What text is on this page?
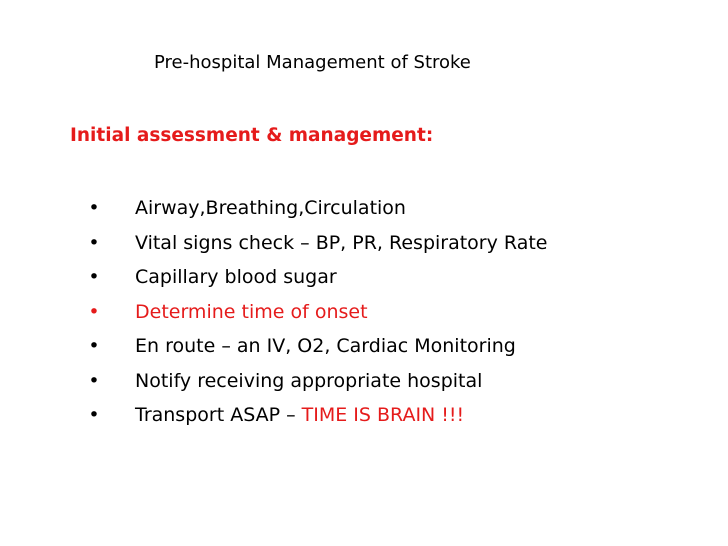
Pre-hospital Management of Stroke
Initial assessment & management:
• Airway,Breathing,Circulation
• Vital signs check – BP, PR, Respiratory Rate
• Capillary blood sugar
• Determine time of onset
• En route – an IV, O2, Cardiac Monitoring
• Notify receiving appropriate hospital
• Transport ASAP – TIME IS BRAIN !!!
